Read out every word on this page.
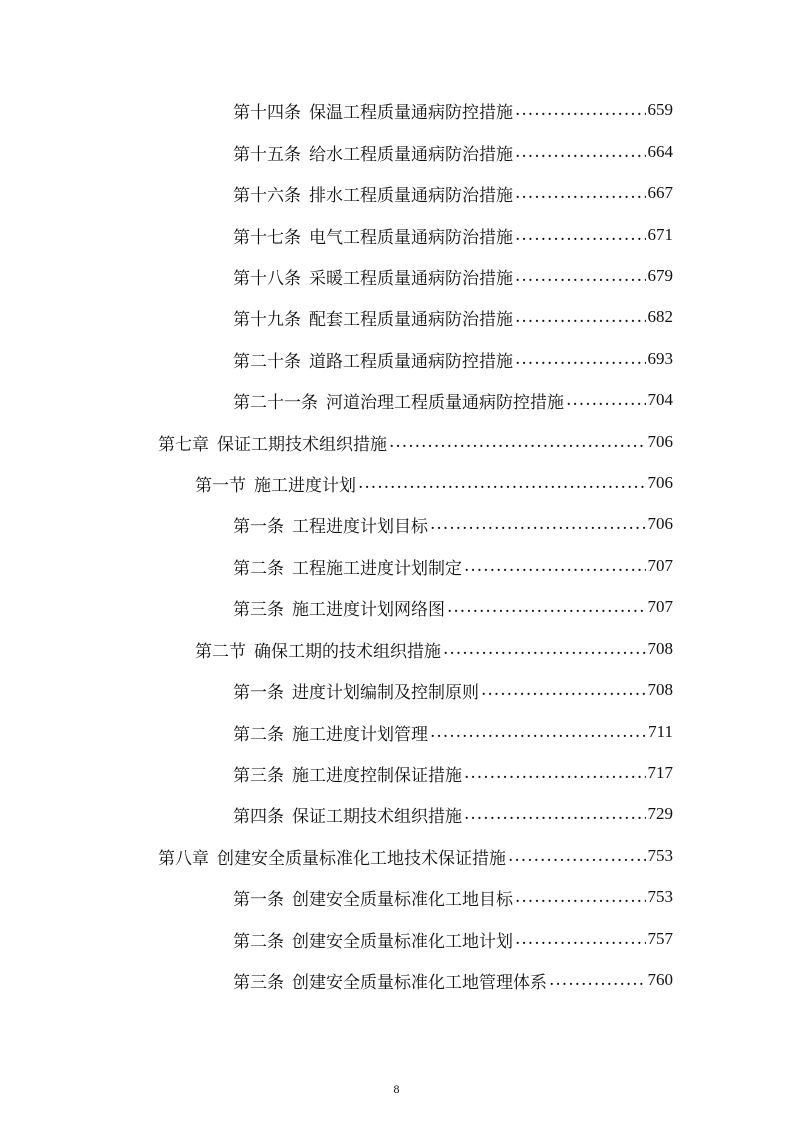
第十四条 保温工程质量通病防控措施 .....	659
第十五条 给水工程质量通病防治措施 .....	664
第十六条 排水工程质量通病防治措施 .....	667
第十七条 电气工程质量通病防治措施 .....	671
第十八条 采暖工程质量通病防治措施 .....	679
第十九条 配套工程质量通病防治措施 .....	682
第二十条 道路工程质量通病防控措施 .....	693
第二十一条 河道治理工程质量通病防控措施 .....	704
第七章 保证工期技术组织措施 .....	706
第一节 施工进度计划 .....	706
第一条 工程进度计划目标 .....	706
第二条 工程施工进度计划制定 .....	707
第三条 施工进度计划网络图 .....	707
第二节 确保工期的技术组织措施 .....	708
第一条 进度计划编制及控制原则 .....	708
第二条 施工进度计划管理 .....	711
第三条 施工进度控制保证措施 .....	717
第四条 保证工期技术组织措施 .....	729
第八章 创建安全质量标准化工地技术保证措施 .....	753
第一条 创建安全质量标准化工地目标 .....	753
第二条 创建安全质量标准化工地计划 .....	757
第三条 创建安全质量标准化工地管理体系 .....	760
8
